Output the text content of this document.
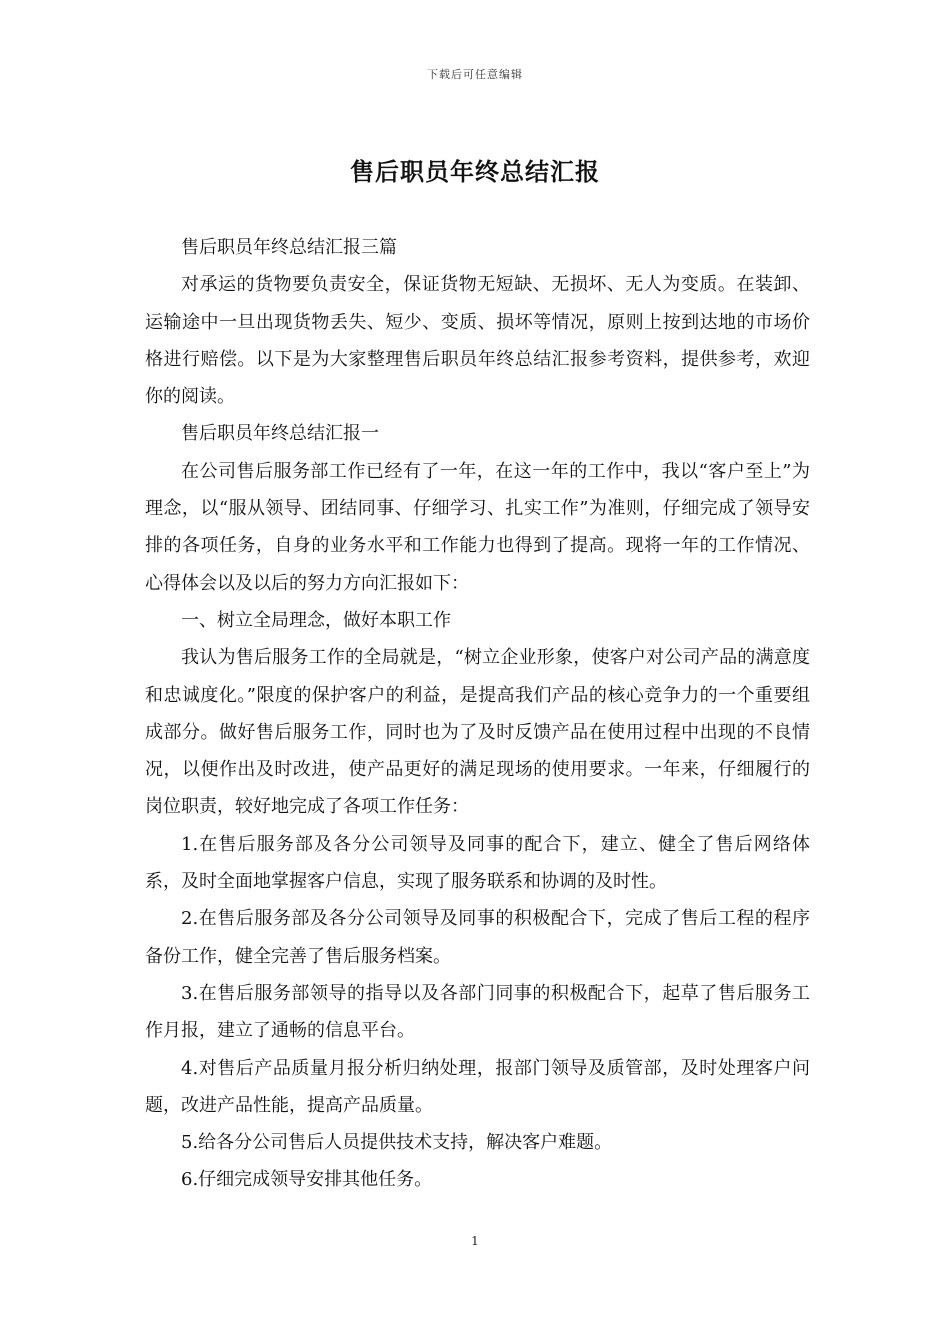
下载后可任意编辑
售后职员年终总结汇报

售后职员年终总结汇报三篇

对承运的货物要负责安全，保证货物无短缺、无损坏、无人为变质。在装卸、运输途中一旦出现货物丢失、短少、变质、损坏等情况，原则上按到达地的市场价格进行赔偿。以下是为大家整理售后职员年终总结汇报参考资料，提供参考，欢迎你的阅读。

售后职员年终总结汇报一

在公司售后服务部工作已经有了一年，在这一年的工作中，我以“客户至上”为理念，以“服从领导、团结同事、仔细学习、扎实工作”为准则，仔细完成了领导安排的各项任务，自身的业务水平和工作能力也得到了提高。现将一年的工作情况、心得体会以及以后的努力方向汇报如下：

一、树立全局理念，做好本职工作

我认为售后服务工作的全局就是，“树立企业形象，使客户对公司产品的满意度和忠诚度化。”限度的保护客户的利益，是提高我们产品的核心竞争力的一个重要组成部分。做好售后服务工作，同时也为了及时反馈产品在使用过程中出现的不良情况，以便作出及时改进，使产品更好的满足现场的使用要求。一年来，仔细履行的岗位职责，较好地完成了各项工作任务：

1.在售后服务部及各分公司领导及同事的配合下，建立、健全了售后网络体系，及时全面地掌握客户信息，实现了服务联系和协调的及时性。

2.在售后服务部及各分公司领导及同事的积极配合下，完成了售后工程的程序备份工作，健全完善了售后服务档案。

3.在售后服务部领导的指导以及各部门同事的积极配合下，起草了售后服务工作月报，建立了通畅的信息平台。

4.对售后产品质量月报分析归纳处理，报部门领导及质管部，及时处理客户问题，改进产品性能，提高产品质量。

5.给各分公司售后人员提供技术支持，解决客户难题。

6.仔细完成领导安排其他任务。

1
